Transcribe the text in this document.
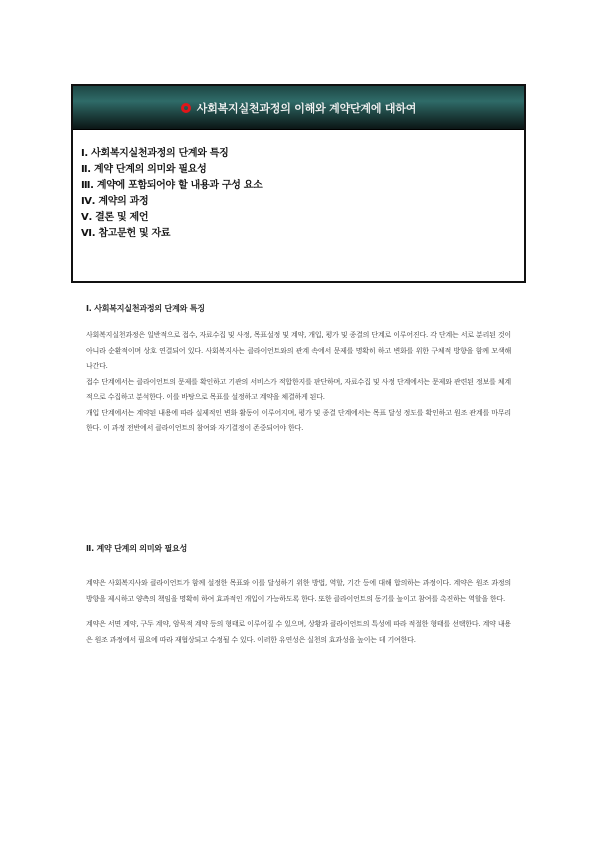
사회복지실천과정의 이해와 계약단계에 대하여
Ⅰ. 사회복지실천과정의 단계와 특징
Ⅱ. 계약 단계의 의미와 필요성
Ⅲ. 계약에 포함되어야 할 내용과 구성 요소
Ⅳ. 계약의 과정
Ⅴ. 결론 및 제언
Ⅵ. 참고문헌 및 자료
Ⅰ. 사회복지실천과정의 단계와 특징

사회복지실천과정은 일반적으로 접수, 자료수집 및 사정, 목표설정 및 계약, 개입, 평가 및 종결의 단계로 이루어진다. 각 단계는 서로 분리된 것이 아니라 순환적이며 상호 연결되어 있다. 사회복지사는 클라이언트와의 관계 속에서 문제를 명확히 하고 변화를 위한 구체적 방향을 함께 모색해 나간다.

접수 단계에서는 클라이언트의 문제를 확인하고 기관의 서비스가 적합한지를 판단하며, 자료수집 및 사정 단계에서는 문제와 관련된 정보를 체계적으로 수집하고 분석한다. 이를 바탕으로 목표를 설정하고 계약을 체결하게 된다.

개입 단계에서는 계약된 내용에 따라 실제적인 변화 활동이 이루어지며, 평가 및 종결 단계에서는 목표 달성 정도를 확인하고 원조 관계를 마무리한다. 이 과정 전반에서 클라이언트의 참여와 자기결정이 존중되어야 한다.

Ⅱ. 계약 단계의 의미와 필요성

계약은 사회복지사와 클라이언트가 함께 설정한 목표와 이를 달성하기 위한 방법, 역할, 기간 등에 대해 합의하는 과정이다. 계약은 원조 과정의 방향을 제시하고 양측의 책임을 명확히 하여 효과적인 개입이 가능하도록 한다. 또한 클라이언트의 동기를 높이고 참여를 촉진하는 역할을 한다.

계약은 서면 계약, 구두 계약, 암묵적 계약 등의 형태로 이루어질 수 있으며, 상황과 클라이언트의 특성에 따라 적절한 형태를 선택한다. 계약 내용은 원조 과정에서 필요에 따라 재협상되고 수정될 수 있다. 이러한 유연성은 실천의 효과성을 높이는 데 기여한다.
